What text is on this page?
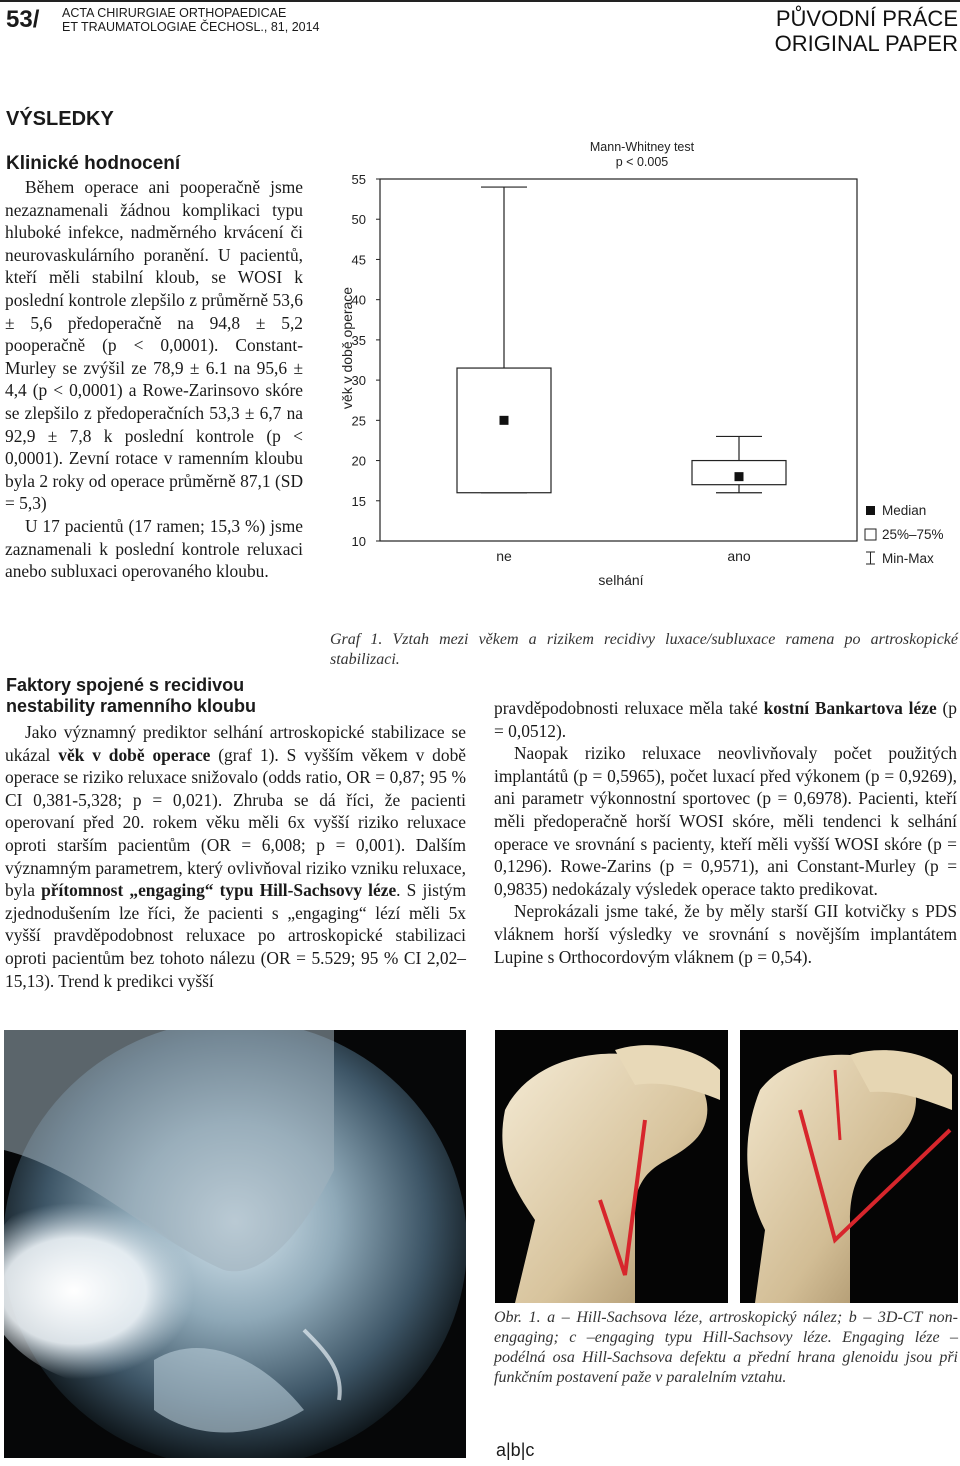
53/ ACTA CHIRURGIAE ORTHOPAEDICAE
ET TRAUMATOLOGIAE ČECHOSL., 81, 2014	PŮVODNÍ PRÁCE
ORIGINAL PAPER
VÝSLEDKY
Klinické hodnocení

Během operace ani pooperačně jsme nezaznamenali žádnou komplikaci typu hluboké infekce, nadměrného krvácení či neurovaskulárního poranění. U pacientů, kteří měli stabilní kloub, se WOSI k poslední kontrole zlepšilo z průměrně 53,6 ± 5,6 předoperačně na 94,8 ± 5,2 pooperačně (p < 0,0001). Constant-Murley se zvýšil ze 78,9 ± 6.1 na 95,6 ± 4,4 (p < 0,0001) a Rowe-Zarinsovo skóre se zlepšilo z předoperačních 53,3 ± 6,7 na 92,9 ± 7,8 k poslední kontrole (p < 0,0001). Zevní rotace v ramenním kloubu byla 2 roky od operace průměrně 87,1 (SD = 5,3)

U 17 pacientů (17 ramen; 15,3 %) jsme zaznamenali k poslední kontrole reluxaci anebo subluxaci operovaného kloubu.

10
15
20
25
30
35
40
45
50
55
věk v době operace
Mann-Whitney test
p < 0.005
ne	ano
selhání
Median
25%–75%
Min-Max
Graf 1. Vztah mezi věkem a rizikem recidivy luxace/subluxace ramena po artroskopické stabilizaci.
Faktory spojené s recidivou nestability ramenního kloubu

Jako významný prediktor selhání artroskopické stabilizace se ukázal věk v době operace (graf 1). S vyšším věkem v době operace se riziko reluxace snižovalo (odds ratio, OR = 0,87; 95 % CI 0,381-5,328; p = 0,021). Zhruba se dá říci, že pacienti operovaní před 20. rokem věku měli 6x vyšší riziko reluxace oproti starším pacientům (OR = 6,008; p = 0,001). Dalším významným parametrem, který ovlivňoval riziko vzniku reluxace, byla přítomnost „engaging“ typu Hill-Sachsovy léze. S jistým zjednodušením lze říci, že pacienti s „engaging“ lézí měli 5x vyšší pravděpodobnost reluxace po artroskopické stabilizaci oproti pacientům bez tohoto nálezu (OR = 5.529; 95 % CI 2,02–15,13). Trend k predikci vyšší

pravděpodobnosti reluxace měla také kostní Bankartova léze (p = 0,0512).

Naopak riziko reluxace neovlivňovaly počet použitých implantátů (p = 0,5965), počet luxací před výkonem (p = 0,9269), ani parametr výkonnostní sportovec (p = 0,6978). Pacienti, kteří měli předoperačně horší WOSI skóre, měli tendenci k selhání operace ve srovnání s pacienty, kteří měli vyšší WOSI skóre (p = 0,1296). Rowe-Zarins (p = 0,9571), ani Constant-Murley (p = 0,9835) nedokázaly výsledek operace takto predikovat.

Neprokázali jsme také, že by měly starší GII kotvičky s PDS vláknem horší výsledky ve srovnání s novějším implantátem Lupine s Orthocordovým vláknem (p = 0,54).

Obr. 1. a – Hill-Sachsova léze, artroskopický nález; b – 3D-CT non-engaging; c –engaging typu Hill-Sachsovy léze. Engaging léze – podélná osa Hill-Sachsova defektu a přední hrana glenoidu jsou při funkčním postavení paže v paralelním vztahu.
a|b|c
